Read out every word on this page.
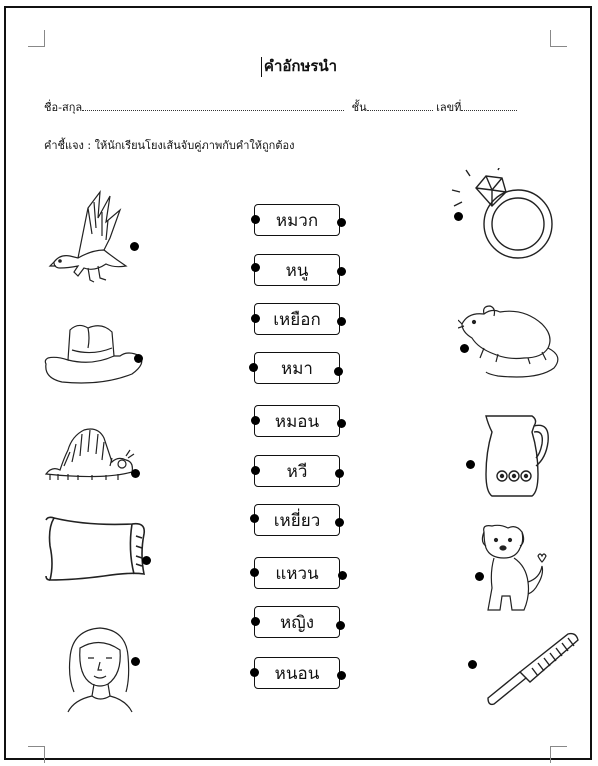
คำอักษรนำ
ชื่อ-สกุล	ชั้น	เลขที่
คำชี้แจง : ให้นักเรียนโยงเส้นจับคู่ภาพกับคำให้ถูกต้อง
หมวก
หนู
เหยือก
หมา
หมอน
หวี
เหยี่ยว
แหวน
หญิง
หนอน
